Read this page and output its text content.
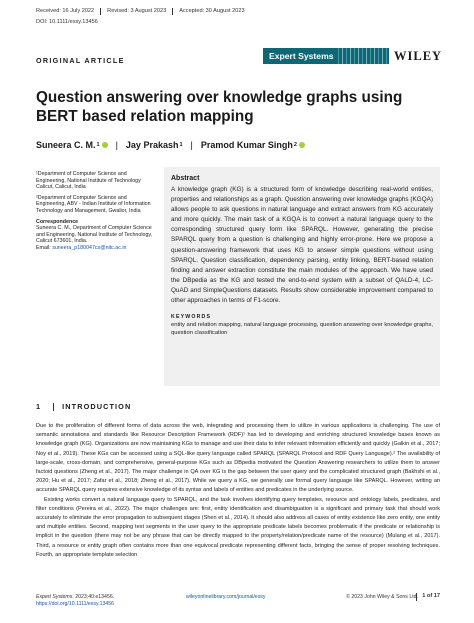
Received: 16 July 2022	Revised: 3 August 2023	Accepted: 30 August 2023
DOI: 10.1111/exsy.13456
ORIGINAL ARTICLE	Expert Systems	WILEY
Question answering over knowledge graphs using BERT based relation mapping
Suneera C. M. 1 | Jay Prakash 1 | Pramod Kumar Singh 2

¹Department of Computer Science and Engineering, National Institute of Technology Calicut, Calicut, India

²Department of Computer Science and Engineering, ABV - Indian Institute of Information Technology and Management, Gwalior, India

Correspondence

Suneera C. M., Department of Computer Science and Engineering, National Institute of Technology, Calicut 673601, India.

Email: suneera_p180047cs@nitc.ac.in

Abstract
A knowledge graph (KG) is a structured form of knowledge describing real-world entities, properties and relationships as a graph. Question answering over knowledge graphs (KGQA) allows people to ask questions in natural language and extract answers from KG accurately and more quickly. The main task of a KGQA is to convert a natural language query to the corresponding structured query form like SPARQL. However, generating the precise SPARQL query from a question is challenging and highly error-prone. Here we propose a question-answering framework that uses KG to answer simple questions without using SPARQL. Question classification, dependency parsing, entity linking, BERT-based relation finding and answer extraction constitute the main modules of the approach. We have used the DBpedia as the KG and tested the end-to-end system with a subset of QALD-4, LC-QuAD and SimpleQuestions datasets. Results show considerable improvement compared to other approaches in terms of F1-score.
KEYWORDS
entity and relation mapping, natural language processing, question answering over knowledge graphs, question classification
1	INTRODUCTION

Due to the proliferation of different forms of data across the web, integrating and processing them to utilize in various applications is challenging. The use of semantic annotations and standards like Resource Description Framework (RDF)¹ has led to developing and enriching structured knowledge bases known as knowledge graph (KG). Organizations are now maintaining KGs to manage and use their data to infer relevant information efficiently and quickly (Galkin et al., 2017; Noy et al., 2019). These KGs can be accessed using a SQL-like query language called SPARQL (SPARQL Protocol and RDF Query Language).² The availability of large-scale, cross-domain, and comprehensive, general-purpose KGs such as DBpedia motivated the Question Answering researchers to utilize them to answer factoid questions (Zheng et al., 2017). The major challenge in QA over KG is the gap between the user query and the complicated structured graph (Bakhshi et al., 2020; Hu et al., 2017; Zafar et al., 2018; Zheng et al., 2017). While we query a KG, we generally use formal query language like SPARQL. However, writing an accurate SPARQL query requires extensive knowledge of its syntax and labels of entities and predicates in the underlying source.

Existing works convert a natural language query to SPARQL, and the task involves identifying query templates, resource and ontology labels, predicates, and filter conditions (Pereira et al., 2022). The major challenges are: first, entity identification and disambiguation is a significant and primary task that should work accurately to eliminate the error propagation to subsequent stages (Shen et al., 2014). It should also address all cases of entity existence like zero entity, one entity and multiple entities. Second, mapping text segments in the user query to the appropriate predicate labels becomes problematic if the predicate or relationship is implicit in the question (there may not be any phrase that can be directly mapped to the property/relation/predicate name of the resource) (Mulang et al., 2017). Third, a resource or entity graph often contains more than one equivocal predicate representing different facts, bringing the sense of proper resolving techniques. Fourth, an appropriate template selection

Expert Systems. 2023;40:e13456.
https://doi.org/10.1111/exsy.13456
wileyonlinelibrary.com/journal/exsy	© 2023 John Wiley & Sons Ltd. 1 of 17
